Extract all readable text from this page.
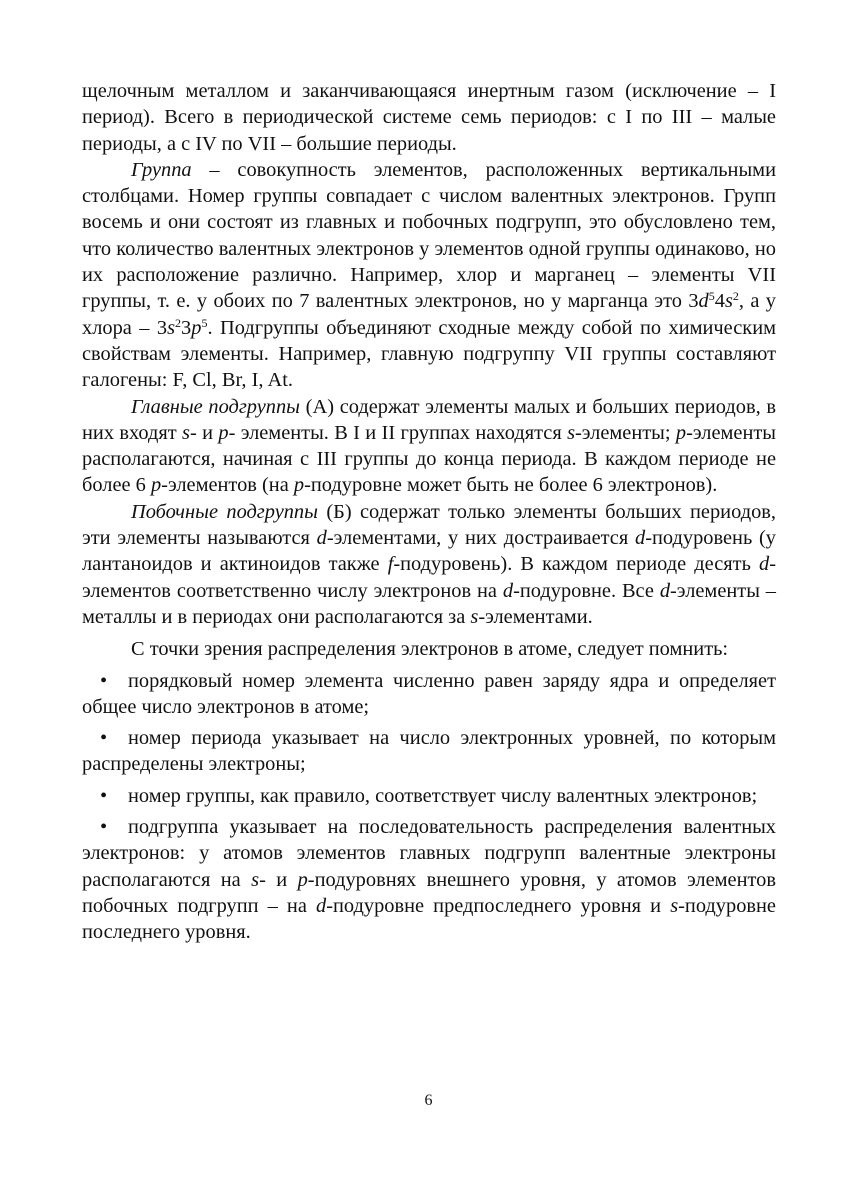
щелочным металлом и заканчивающаяся инертным газом (исключение – I период). Всего в периодической системе семь периодов: с I по III – малые периоды, а с IV по VII – большие периоды.

Группа – совокупность элементов, расположенных вертикальными столбцами. Номер группы совпадает с числом валентных электронов. Групп восемь и они состоят из главных и побочных подгрупп, это обусловлено тем, что количество валентных электронов у элементов одной группы одинаково, но их расположение различно. Например, хлор и марганец – элементы VII группы, т. е. у обоих по 7 валентных электронов, но у марганца это $3d^54s^2$, а у хлора – $3s^23p^5$. Подгруппы объединяют сходные между собой по химическим свойствам элементы. Например, главную подгруппу VII группы составляют галогены: F, Cl, Br, I, At.

Главные подгруппы (А) содержат элементы малых и больших периодов, в них входят s- и p- элементы. В I и II группах находятся s-элементы; p-элементы располагаются, начиная с III группы до конца периода. В каждом периоде не более 6 p-элементов (на p-подуровне может быть не более 6 электронов).

Побочные подгруппы (Б) содержат только элементы больших периодов, эти элементы называются d-элементами, у них достраивается d-подуровень (у лантаноидов и актиноидов также f-подуровень). В каждом периоде десять d-элементов соответственно числу электронов на d-подуровне. Все d-элементы – металлы и в периодах они располагаются за s-элементами.

С точки зрения распределения электронов в атоме, следует помнить:

• порядковый номер элемента численно равен заряду ядра и определяет общее число электронов в атоме;

• номер периода указывает на число электронных уровней, по которым распределены электроны;

• номер группы, как правило, соответствует числу валентных электронов;

• подгруппа указывает на последовательность распределения валентных электронов: у атомов элементов главных подгрупп валентные электроны располагаются на s- и p-подуровнях внешнего уровня, у атомов элементов побочных подгрупп – на d-подуровне предпоследнего уровня и s-подуровне последнего уровня.

6
